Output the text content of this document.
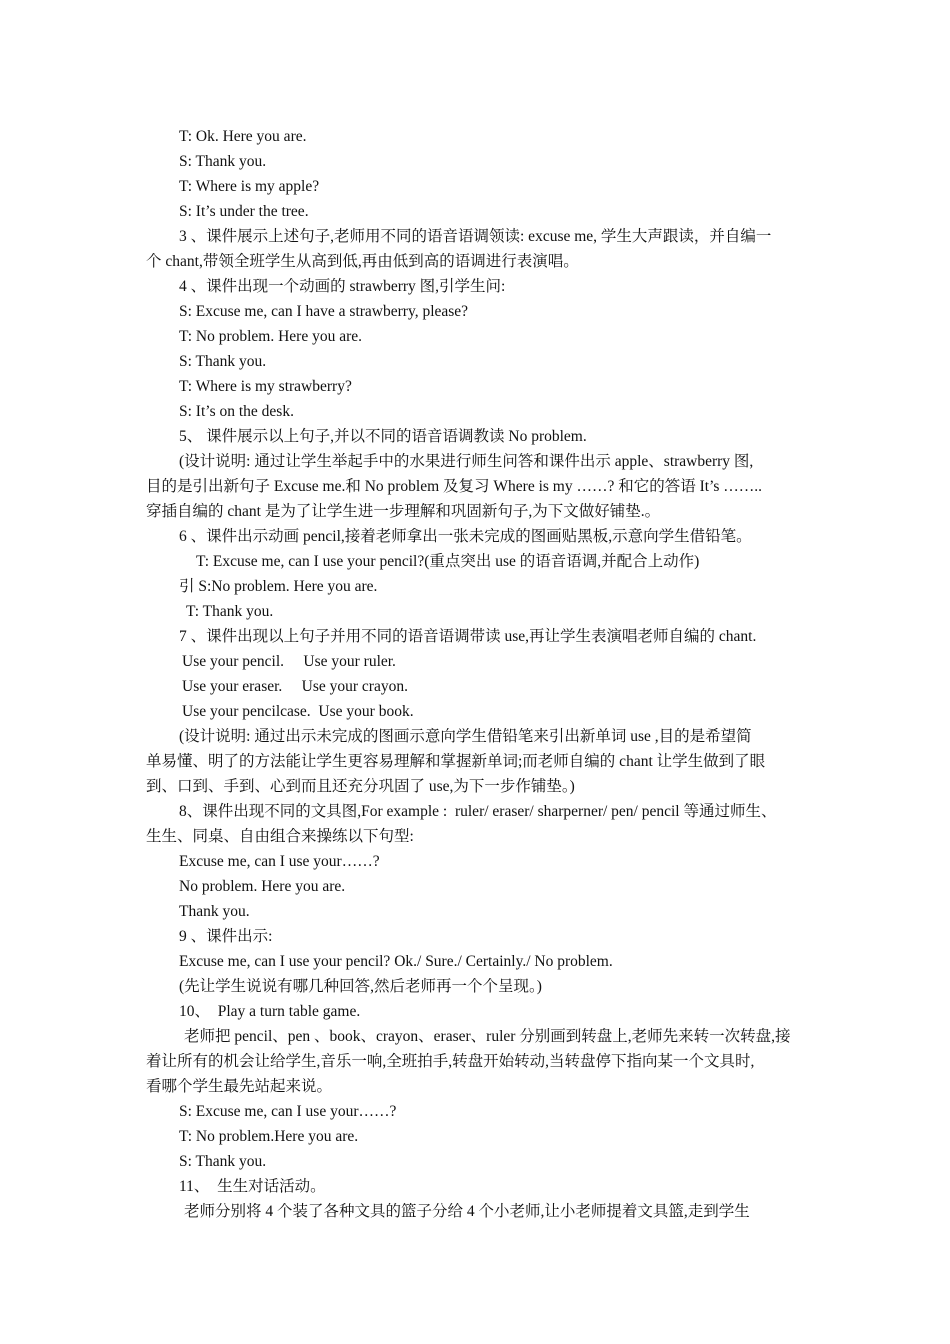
T: Ok. Here you are.
S: Thank you.
T: Where is my apple?
S: It’s under the tree.
3 、课件展示上述句子,老师用不同的语音语调领读: excuse me, 学生大声跟读，并自编一
个 chant,带领全班学生从高到低,再由低到高的语调进行表演唱。
4 、课件出现一个动画的 strawberry 图,引学生问:
S: Excuse me, can I have a strawberry, please?
T: No problem. Here you are.
S: Thank you.
T: Where is my strawberry?
S: It’s on the desk.
5、 课件展示以上句子,并以不同的语音语调教读 No problem.
(设计说明: 通过让学生举起手中的水果进行师生问答和课件出示 apple、strawberry 图,
目的是引出新句子 Excuse me.和 No problem 及复习 Where is my ……? 和它的答语 It’s ……..
穿插自编的 chant 是为了让学生进一步理解和巩固新句子,为下文做好铺垫.。
6 、课件出示动画 pencil,接着老师拿出一张未完成的图画贴黑板,示意向学生借铅笔。
T: Excuse me, can I use your pencil?(重点突出 use 的语音语调,并配合上动作)
引 S:No problem. Here you are.
T: Thank you.
7 、课件出现以上句子并用不同的语音语调带读 use,再让学生表演唱老师自编的 chant.
Use your pencil.     Use your ruler.
Use your eraser.     Use your crayon.
Use your pencilcase.  Use your book.
(设计说明: 通过出示未完成的图画示意向学生借铅笔来引出新单词 use ,目的是希望简
单易懂、明了的方法能让学生更容易理解和掌握新单词;而老师自编的 chant 让学生做到了眼
到、口到、手到、心到而且还充分巩固了 use,为下一步作铺垫。)
8、课件出现不同的文具图,For example :  ruler/ eraser/ sharperner/ pen/ pencil 等通过师生、
生生、同桌、自由组合来操练以下句型:
Excuse me, can I use your……?
No problem. Here you are.
Thank you.
9 、课件出示:
Excuse me, can I use your pencil? Ok./ Sure./ Certainly./ No problem.
(先让学生说说有哪几种回答,然后老师再一个个呈现。)
10、  Play a turn table game.
老师把 pencil、pen 、book、crayon、eraser、ruler 分别画到转盘上,老师先来转一次转盘,接
着让所有的机会让给学生,音乐一响,全班拍手,转盘开始转动,当转盘停下指向某一个文具时,
看哪个学生最先站起来说。
S: Excuse me, can I use your……?
T: No problem.Here you are.
S: Thank you.
11、  生生对话活动。
老师分别将 4 个装了各种文具的篮子分给 4 个小老师,让小老师提着文具篮,走到学生
